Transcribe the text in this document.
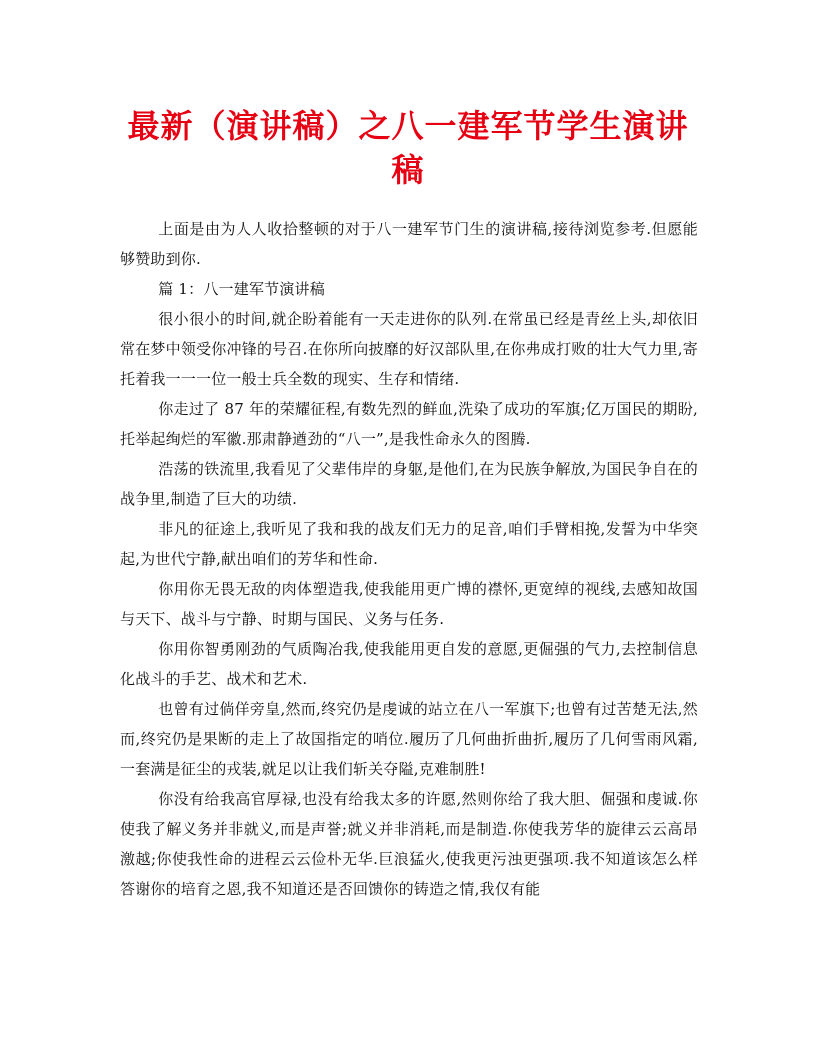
最新（演讲稿）之八一建军节学生演讲稿

上面是由为人人收拾整顿的对于八一建军节门生的演讲稿,接待浏览参考.但愿能够赞助到你.

篇 1：八一建军节演讲稿

很小很小的时间,就企盼着能有一天走进你的队列.在常虽已经是青丝上头,却依旧常在梦中领受你冲锋的号召.在你所向披靡的好汉部队里,在你弗成打败的壮大气力里,寄托着我一一一位一般士兵全数的现实、生存和情绪.

你走过了 87 年的荣耀征程,有数先烈的鲜血,洗染了成功的军旗;亿万国民的期盼,托举起绚烂的军徽.那肃静遒劲的“八一”,是我性命永久的图腾.

浩荡的铁流里,我看见了父辈伟岸的身躯,是他们,在为民族争解放,为国民争自在的战争里,制造了巨大的功绩.

非凡的征途上,我听见了我和我的战友们无力的足音,咱们手臂相挽,发誓为中华突起,为世代宁静,献出咱们的芳华和性命.

你用你无畏无敌的肉体塑造我,使我能用更广博的襟怀,更宽绰的视线,去感知故国与天下、战斗与宁静、时期与国民、义务与任务.

你用你智勇刚劲的气质陶冶我,使我能用更自发的意愿,更倔强的气力,去控制信息化战斗的手艺、战术和艺术.

也曾有过倘佯旁皇,然而,终究仍是虔诚的站立在八一军旗下;也曾有过苦楚无法,然而,终究仍是果断的走上了故国指定的哨位.履历了几何曲折曲折,履历了几何雪雨风霜,一套满是征尘的戎装,就足以让我们斩关夺隘,克难制胜!

你没有给我高官厚禄,也没有给我太多的许愿,然则你给了我大胆、倔强和虔诚.你使我了解义务并非就义,而是声誉;就义并非消耗,而是制造.你使我芳华的旋律云云高昂激越;你使我性命的进程云云俭朴无华.巨浪猛火,使我更污浊更强项.我不知道该怎么样答谢你的培育之恩,我不知道还是否回馈你的铸造之情,我仅有能
